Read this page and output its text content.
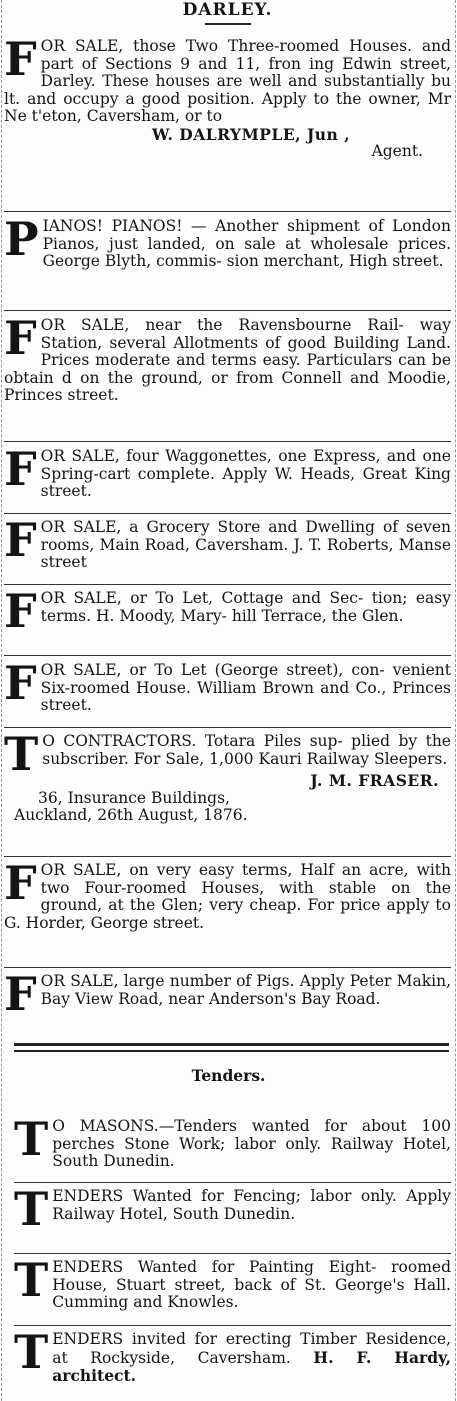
DARLEY.

F OR SALE, those Two Three-roomed Houses. and part of Sections 9 and 11, fron ing Edwin street, Darley. These houses are well and substantially bu lt. and occupy a good position. Apply to the owner, Mr Ne t'eton, Caversham, or to

W. DALRYMPLE, Jun ,
Agent.

P IANOS! PIANOS! — Another shipment of London Pianos, just landed, on sale at wholesale prices. George Blyth, commis- sion merchant, High street.

F OR SALE, near the Ravensbourne Rail- way Station, several Allotments of good Building Land. Prices moderate and terms easy. Particulars can be obtain d on the ground, or from Connell and Moodie, Princes street.

F OR SALE, four Waggonettes, one Express, and one Spring-cart complete. Apply W. Heads, Great King street.

F OR SALE, a Grocery Store and Dwelling of seven rooms, Main Road, Caversham. J. T. Roberts, Manse street

F OR SALE, or To Let, Cottage and Sec- tion; easy terms. H. Moody, Mary- hill Terrace, the Glen.

F OR SALE, or To Let (George street), con- venient Six-roomed House. William Brown and Co., Princes street.

T O CONTRACTORS. Totara Piles sup- plied by the subscriber. For Sale, 1,000 Kauri Railway Sleepers.

J. M. FRASER.
36, Insurance Buildings,
Auckland, 26th August, 1876.

F OR SALE, on very easy terms, Half an acre, with two Four-roomed Houses, with stable on the ground, at the Glen; very cheap. For price apply to G. Horder, George street.

F OR SALE, large number of Pigs. Apply Peter Makin, Bay View Road, near Anderson's Bay Road.

Tenders.

T O MASONS.—Tenders wanted for about 100 perches Stone Work; labor only. Railway Hotel, South Dunedin.

T ENDERS Wanted for Fencing; labor only. Apply Railway Hotel, South Dunedin.

T ENDERS Wanted for Painting Eight- roomed House, Stuart street, back of St. George's Hall. Cumming and Knowles.

T ENDERS invited for erecting Timber Residence, at Rockyside, Caversham. H. F. Hardy, architect.
